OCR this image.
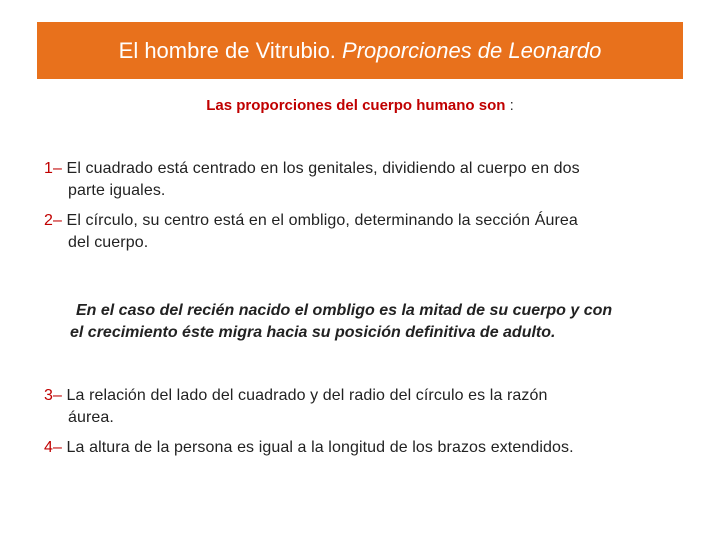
El hombre de Vitrubio.
Proporciones de Leonardo
Las proporciones del cuerpo humano son :
1– El cuadrado está centrado en los genitales, dividiendo al cuerpo en dos
parte iguales.
2– El círculo, su centro está en el ombligo, determinando la sección Áurea
del cuerpo.
En el caso del recién nacido el ombligo es la mitad de su cuerpo y con
el crecimiento éste migra hacia su posición definitiva de adulto.
3– La relación del lado del cuadrado y del radio del círculo es la razón
áurea.
4– La altura de la persona es igual a la longitud de los brazos extendidos.
